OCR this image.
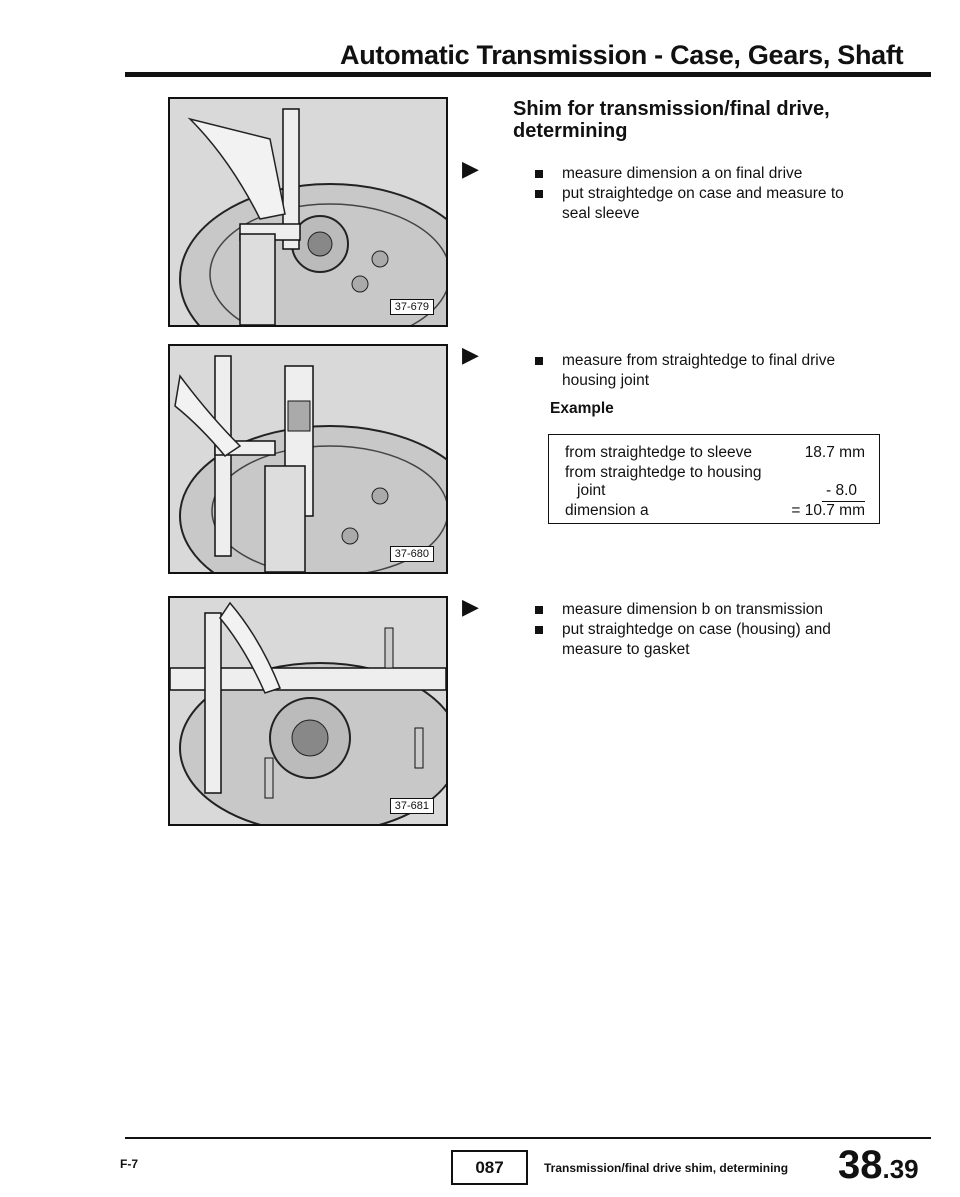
Automatic Transmission - Case, Gears, Shaft
37-679
37-680
37-681
▶
▶
▶
Shim for transmission/final drive, determining
measure dimension a on final drive
put straightedge on case and measure to seal sleeve
measure from straightedge to final drive housing joint
Example
from straightedge to sleeve	18.7 mm
from straightedge to housing
joint	- 8.0
dimension a	= 10.7 mm
measure dimension b on transmission
put straightedge on case (housing) and measure to gasket
F-7	087	Transmission/final drive shim, determining 38.39
